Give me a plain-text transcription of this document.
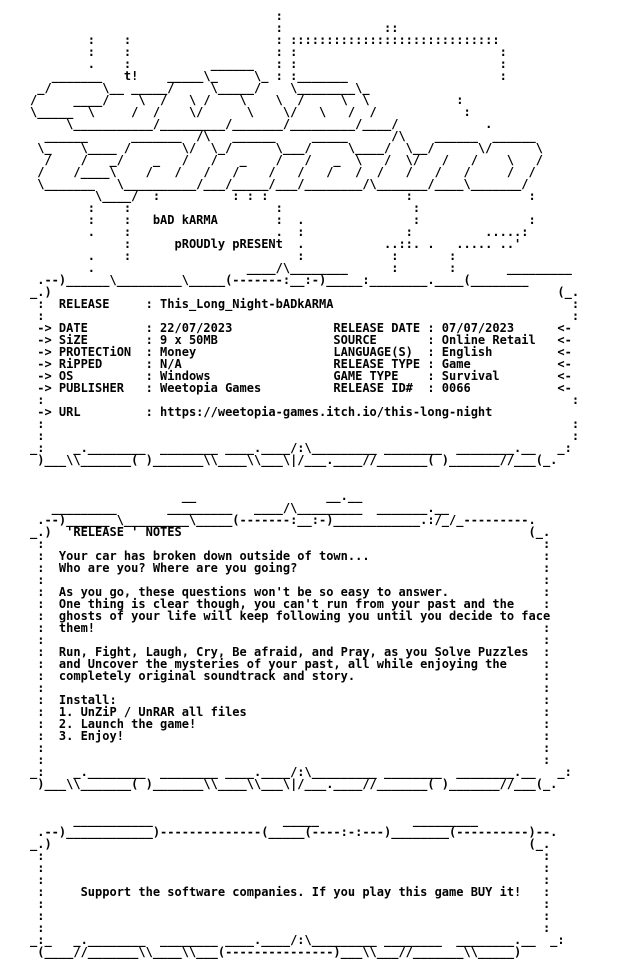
:
:              ::
:    :                    : :::::::::::::::::::::::::::::
:    :                    : :                            :
.    :           ______   : :                            :
_______   t!    _____\_     \_ : :_______                     :
_/       \__ _____/     \_____/    \________\_
/     ____/    \  /   \ /    \    \  /     \  \            :
\_____  \     /  /    \/      \    \/   \   /  /            :
\___________/_________/_______/_________/____/            .
______      _______  /\   ______     _____      /\    ______  ______
\_    \____ /       \/  \_/      \___/     \____/  \__/      \/      \
/    /   _/    _   /   /   _    /   /   _  \   /  \/   /   /    \   /
/    /____\    /   /   /   /    /   /   /   /  /   /   /   /     /  /
\_______   \__________/___/_____/___/________/\_______/____\_______/
\____/  :          : : :                   :                :
:    :                    :                  :
:    :   bAD kARMA        :  .               :               :
.    :                    .  :              :          .....:
:      pROUDly pRESENt  .           ..::. .   ..... ..'
.    :                       :            :       :
.                     ____/\________      :       :       _________
.--)______\_________\_____(-------:__:-)_____:________.____(________
_.)                                                                      (_.
:  RELEASE     : This_Long_Night-bADkARMA                                 :
:                                                                         :
-> DATE        : 22/07/2023              RELEASE DATE : 07/07/2023      <-
-> SiZE        : 9 x 50MB                SOURCE       : Online Retail   <-
-> PROTECTiON  : Money                   LANGUAGE(S)  : English         <-
-> RiPPED      : N/A                     RELEASE TYPE : Game            <-
-> OS          : Windows                 GAME TYPE    : Survival        <-
-> PUBLISHER   : Weetopia Games          RELEASE ID#  : 0066            <-
:                                                                         :
-> URL         : https://weetopia-games.itch.io/this-long-night
:                                                                         :
:                                                                         :
_:    _.________  ________ ____.____/:\_________ ________  ________.__   _:
)___\\_______( )_______\\____\\___\|/___.____//_______( )_______//___(_.
__                  __.__
_________       _________   ____/\_________  _______.__
.--)______ \_________\_____(-------:__:-)____________.:/_/_---------.
_.)  'RELEASE ' NOTES                                                (_.
:                                                                     :
:  Your car has broken down outside of town...                        :
:  Who are you? Where are you going?                                  :
:                                                                     :
:  As you go, these questions won't be so easy to answer.             :
:  One thing is clear though, you can't run from your past and the    :
:  ghosts of your life will keep following you until you decide to face
:  them!                                                              :
:                                                                     :
:  Run, Fight, Laugh, Cry, Be afraid, and Pray, as you Solve Puzzles  :
:  and Uncover the mysteries of your past, all while enjoying the     :
:  completely original soundtrack and story.                          :
:                                                                     :
:  Install:                                                           :
:  1. UnZiP / UnRAR all files                                         :
:  2. Launch the game!                                                :
:  3. Enjoy!                                                          :
:                                                                     :
:                                                                     :
_:    _.________  ________ ____.____/:\_________ ________  ________.__   _:
)___\\_______( )_______\\____\\___\|/___.____//_______( )_______//___(_.
___________                  _____             _________
.--)____________)--------------(_____(----:-:---)________(----------)--.
_.)                                                                  (_.
:                                                                     :
:                                                                     :
:                                                                     :
:     Support the software companies. If you play this game BUY it!   :
:                                                                     :
:                                                                     :
:                                                                     :
_:_   _.________  ________ ____.____/:\_________ ________  ________.__  _:
(____//_______\\____\\___(---------------)___\\___//_______\\_____)
